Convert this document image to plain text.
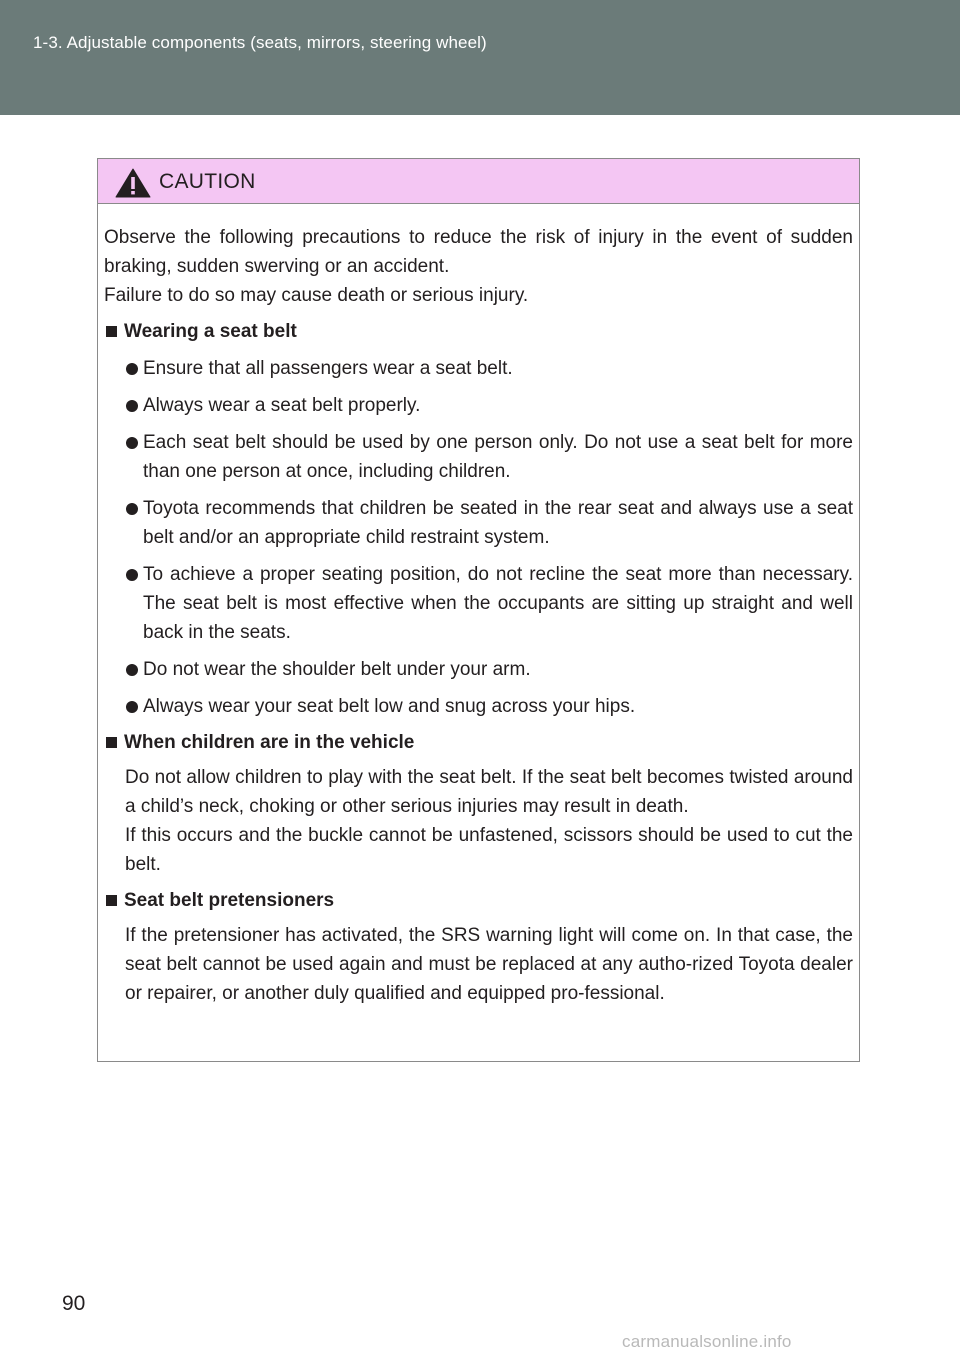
1-3. Adjustable components (seats, mirrors, steering wheel)
CAUTION

Observe the following precautions to reduce the risk of injury in the event of sudden braking, sudden swerving or an accident.

Failure to do so may cause death or serious injury.

Wearing a seat belt
Ensure that all passengers wear a seat belt.
Always wear a seat belt properly.
Each seat belt should be used by one person only. Do not use a seat belt for more than one person at once, including children.
Toyota recommends that children be seated in the rear seat and always use a seat belt and/or an appropriate child restraint system.
To achieve a proper seating position, do not recline the seat more than necessary. The seat belt is most effective when the occupants are sitting up straight and well back in the seats.
Do not wear the shoulder belt under your arm.
Always wear your seat belt low and snug across your hips.
When children are in the vehicle
Do not allow children to play with the seat belt. If the seat belt becomes twisted around a child’s neck, choking or other serious injuries may result in death.
If this occurs and the buckle cannot be unfastened, scissors should be used to cut the belt.
Seat belt pretensioners
If the pretensioner has activated, the SRS warning light will come on. In that case, the seat belt cannot be used again and must be replaced at any autho-rized Toyota dealer or repairer, or another duly qualified and equipped pro-fessional.
90
carmanualsonline.info
